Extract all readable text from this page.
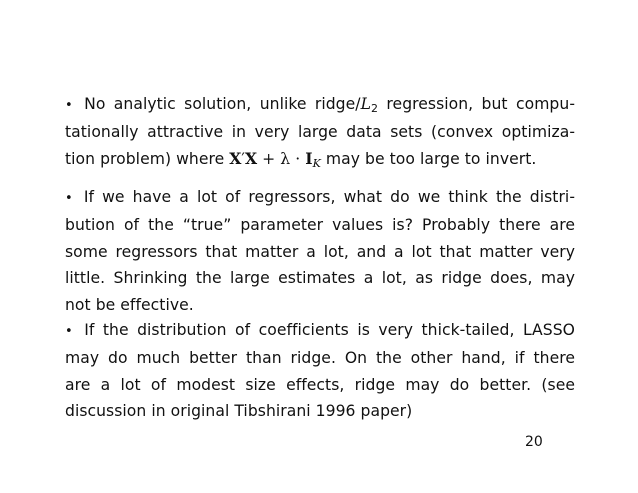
• No analytic solution, unlike ridge/$L_2$ regression, but compu-
tationally attractive in very large data sets (convex optimiza-
tion problem) where $X'X + \lambda \cdot I_K$ may be too large to invert.
• If we have a lot of regressors, what do we think the distri-
bution of the “true” parameter values is? Probably there are
some regressors that matter a lot, and a lot that matter very
little. Shrinking the large estimates a lot, as ridge does, may
not be effective.
• If the distribution of coefficients is very thick-tailed, LASSO
may do much better than ridge. On the other hand, if there
are a lot of modest size effects, ridge may do better. (see
discussion in original Tibshirani 1996 paper)
20
